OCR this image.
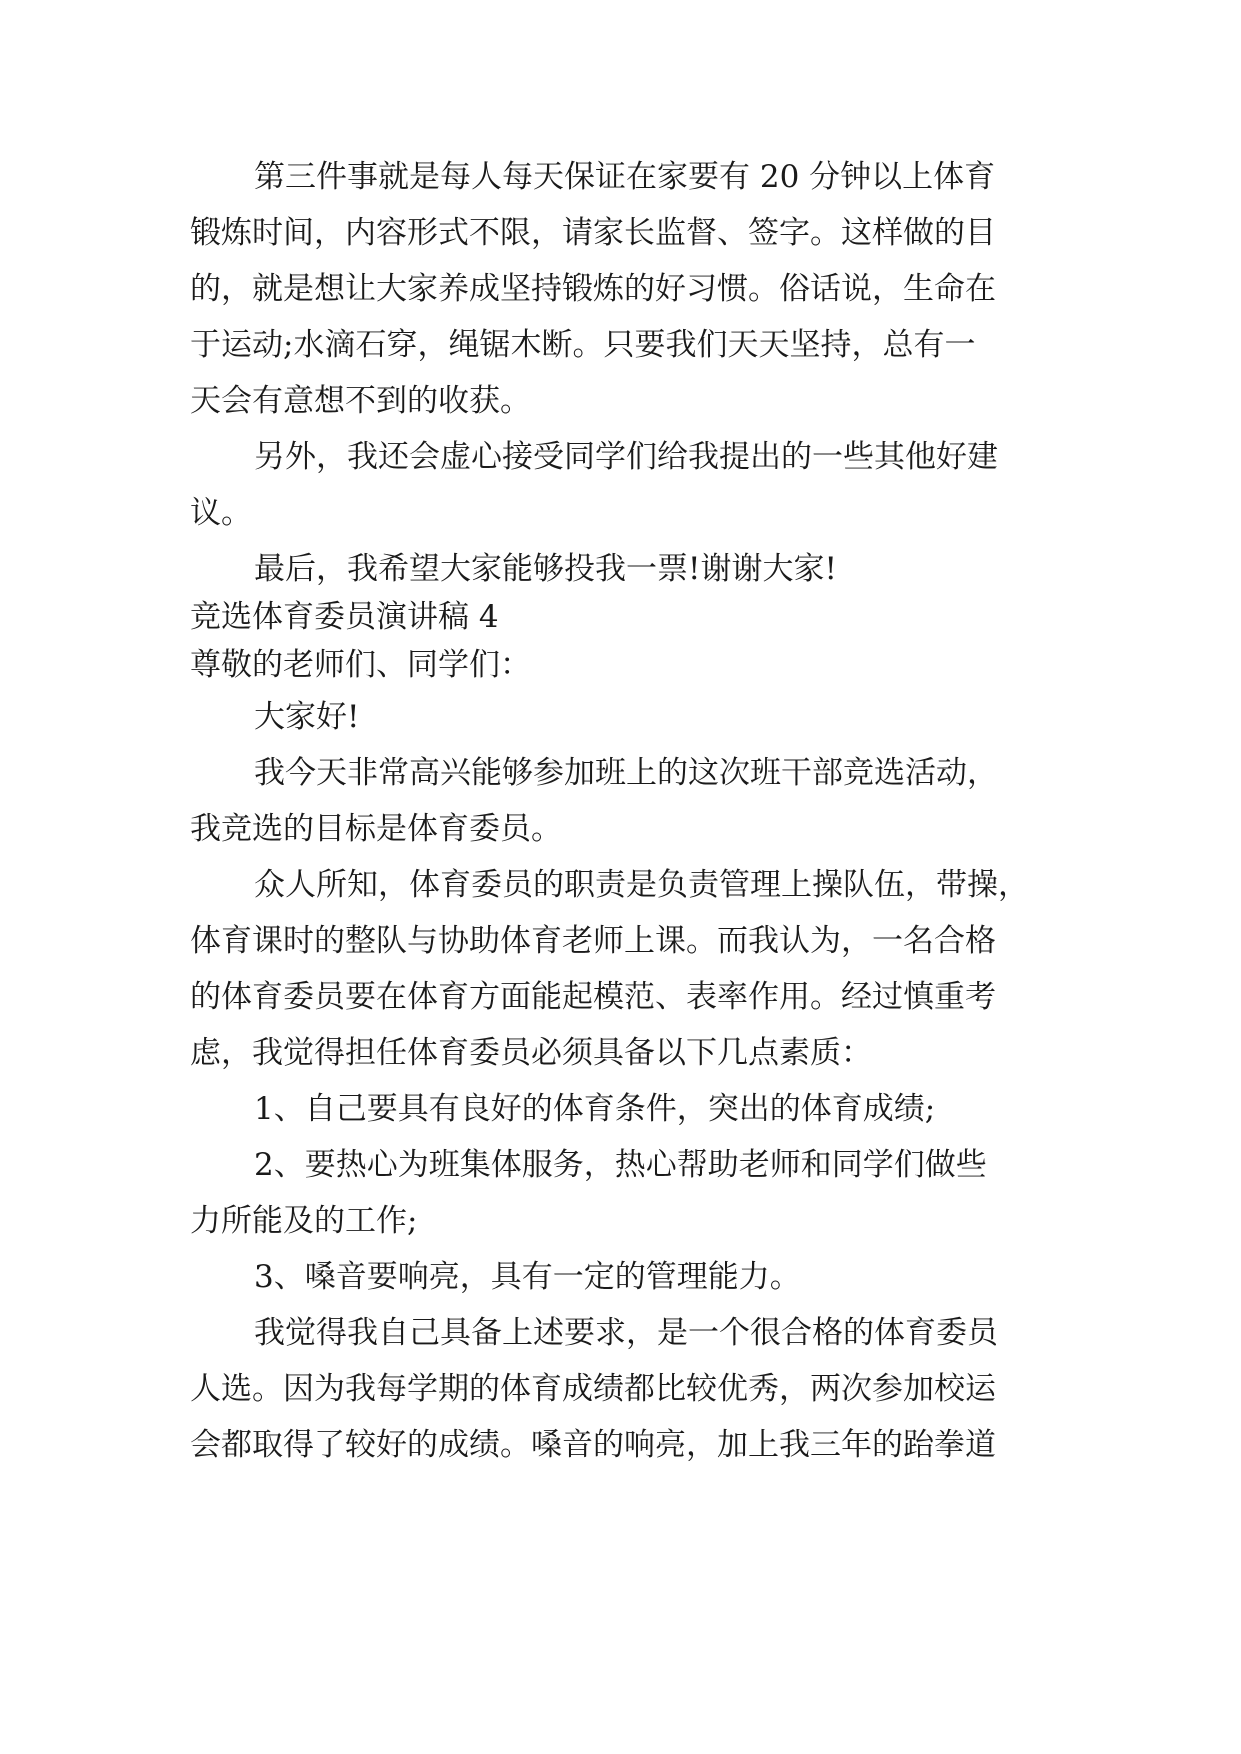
第三件事就是每人每天保证在家要有 20 分钟以上体育
锻炼时间，内容形式不限，请家长监督、签字。这样做的目
的，就是想让大家养成坚持锻炼的好习惯。俗话说，生命在
于运动;水滴石穿，绳锯木断。只要我们天天坚持，总有一
天会有意想不到的收获。
另外，我还会虚心接受同学们给我提出的一些其他好建
议。
最后，我希望大家能够投我一票!谢谢大家!
竞选体育委员演讲稿 4
尊敬的老师们、同学们：
大家好!
我今天非常高兴能够参加班上的这次班干部竞选活动，
我竞选的目标是体育委员。
众人所知，体育委员的职责是负责管理上操队伍，带操，
体育课时的整队与协助体育老师上课。而我认为，一名合格
的体育委员要在体育方面能起模范、表率作用。经过慎重考
虑，我觉得担任体育委员必须具备以下几点素质：
1、自己要具有良好的体育条件，突出的体育成绩;
2、要热心为班集体服务，热心帮助老师和同学们做些
力所能及的工作;
3、嗓音要响亮，具有一定的管理能力。
我觉得我自己具备上述要求，是一个很合格的体育委员
人选。因为我每学期的体育成绩都比较优秀，两次参加校运
会都取得了较好的成绩。嗓音的响亮，加上我三年的跆拳道
